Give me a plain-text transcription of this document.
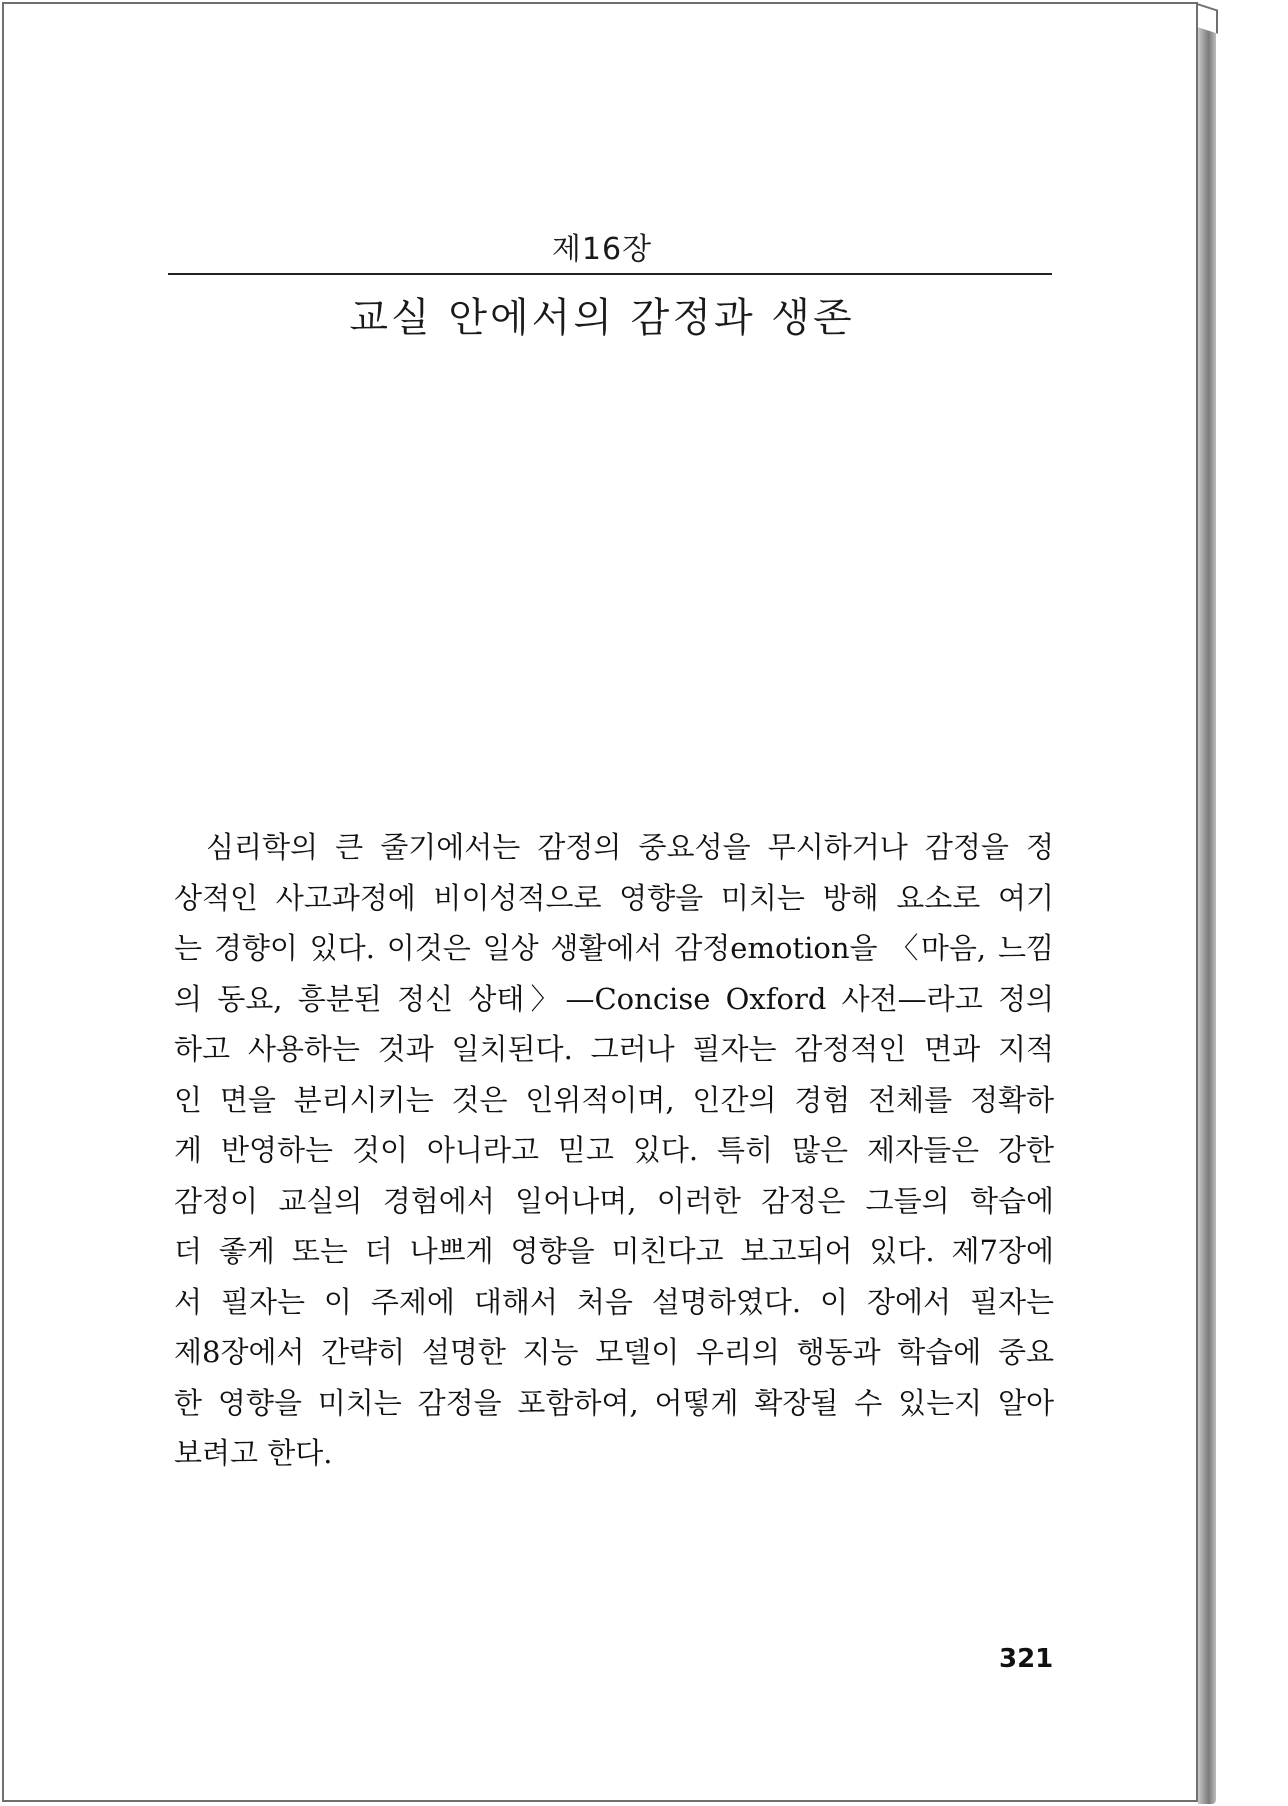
제16장
교실 안에서의 감정과 생존

심리학의 큰 줄기에서는 감정의 중요성을 무시하거나 감정을 정
상적인 사고과정에 비이성적으로 영향을 미치는 방해 요소로 여기
는 경향이 있다. 이것은 일상 생활에서 감정emotion을 〈마음, 느낌
의 동요, 흥분된 정신 상태〉—Concise Oxford 사전—라고 정의
하고 사용하는 것과 일치된다. 그러나 필자는 감정적인 면과 지적
인 면을 분리시키는 것은 인위적이며, 인간의 경험 전체를 정확하
게 반영하는 것이 아니라고 믿고 있다. 특히 많은 제자들은 강한
감정이 교실의 경험에서 일어나며, 이러한 감정은 그들의 학습에
더 좋게 또는 더 나쁘게 영향을 미친다고 보고되어 있다. 제7장에
서 필자는 이 주제에 대해서 처음 설명하였다. 이 장에서 필자는
제8장에서 간략히 설명한 지능 모델이 우리의 행동과 학습에 중요
한 영향을 미치는 감정을 포함하여, 어떻게 확장될 수 있는지 알아
보려고 한다.

321
